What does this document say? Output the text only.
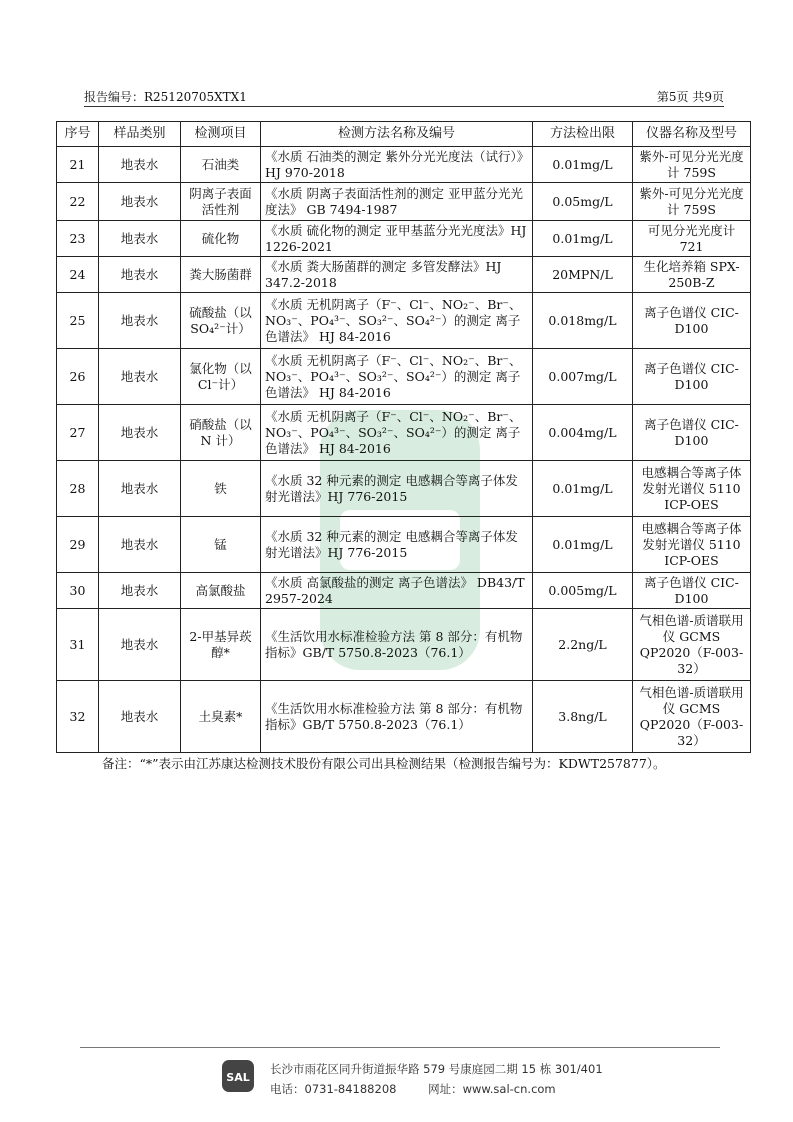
报告编号：R25120705XTX1	第5页 共9页
序号	样品类别	检测项目	检测方法名称及编号	方法检出限	仪器名称及型号
21	地表水	石油类	《水质 石油类的测定 紫外分光光度法（试行）》HJ 970-2018	0.01mg/L	紫外-可见分光光度计 759S
22	地表水	阴离子表面活性剂	《水质 阴离子表面活性剂的测定 亚甲蓝分光光度法》 GB 7494-1987	0.05mg/L	紫外-可见分光光度计 759S
23	地表水	硫化物	《水质 硫化物的测定 亚甲基蓝分光光度法》HJ 1226-2021	0.01mg/L	可见分光光度计 721
24	地表水	粪大肠菌群	《水质 粪大肠菌群的测定 多管发酵法》HJ 347.2-2018	20MPN/L	生化培养箱 SPX-250B-Z
25	地表水	硫酸盐（以 SO₄²⁻计）	《水质 无机阴离子（F⁻、Cl⁻、NO₂⁻、Br⁻、NO₃⁻、PO₄³⁻、SO₃²⁻、SO₄²⁻）的测定 离子色谱法》 HJ 84-2016	0.018mg/L	离子色谱仪 CIC-D100
26	地表水	氯化物（以 Cl⁻计）	《水质 无机阴离子（F⁻、Cl⁻、NO₂⁻、Br⁻、NO₃⁻、PO₄³⁻、SO₃²⁻、SO₄²⁻）的测定 离子色谱法》 HJ 84-2016	0.007mg/L	离子色谱仪 CIC-D100
27	地表水	硝酸盐（以 N 计）	《水质 无机阴离子（F⁻、Cl⁻、NO₂⁻、Br⁻、NO₃⁻、PO₄³⁻、SO₃²⁻、SO₄²⁻）的测定 离子色谱法》 HJ 84-2016	0.004mg/L	离子色谱仪 CIC-D100
28	地表水	铁	《水质 32 种元素的测定 电感耦合等离子体发射光谱法》HJ 776-2015	0.01mg/L	电感耦合等离子体发射光谱仪 5110 ICP-OES
29	地表水	锰	《水质 32 种元素的测定 电感耦合等离子体发射光谱法》HJ 776-2015	0.01mg/L	电感耦合等离子体发射光谱仪 5110 ICP-OES
30	地表水	高氯酸盐	《水质 高氯酸盐的测定 离子色谱法》 DB43/T 2957-2024	0.005mg/L	离子色谱仪 CIC-D100
31	地表水	2-甲基异莰醇*	《生活饮用水标准检验方法 第 8 部分：有机物指标》GB/T 5750.8-2023（76.1）	2.2ng/L	气相色谱-质谱联用仪 GCMS QP2020（F-003-32）
32	地表水	土臭素*	《生活饮用水标准检验方法 第 8 部分：有机物指标》GB/T 5750.8-2023（76.1）	3.8ng/L	气相色谱-质谱联用仪 GCMS QP2020（F-003-32）
备注：“*”表示由江苏康达检测技术股份有限公司出具检测结果（检测报告编号为：KDWT257877）。
SAL
长沙市雨花区同升街道振华路 579 号康庭园二期 15 栋 301/401
电话：0731-84188208	网址：www.sal-cn.com
